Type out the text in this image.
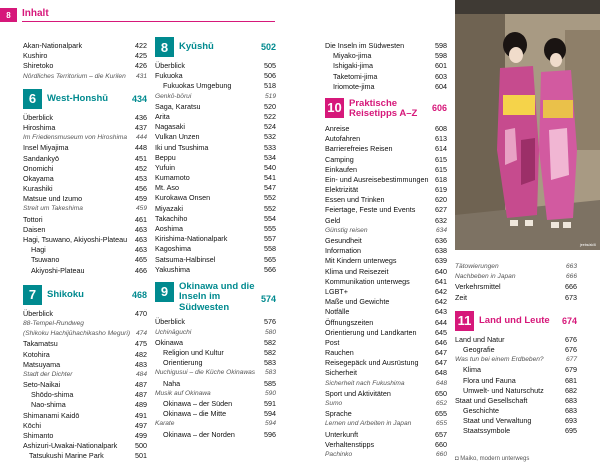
8	Inhalt
Akan-Nationalpark	422
Kushiro	425
Shiretoko	426
Nördliches Territorium – die Kurilen	431
6	West-Honshū	434
Überblick	436
Hiroshima	437
Im Friedensmuseum von Hiroshima	444
Insel Miyajima	448
Sandankyō	451
Onomichi	452
Okayama	453
Kurashiki	456
Matsue und Izumo	459
Streit um Takeshima	459
Tottori	461
Daisen	463
Hagi, Tsuwano, Akiyoshi-Plateau	463
Hagi	463
Tsuwano	465
Akiyoshi-Plateau	466
7	Shikoku	468
Überblick	470
88-Tempel-Rundweg
(Shikoku Hachijūhachikasho Meguri) 474
Takamatsu	475
Kotohira	482
Matsuyama	483
Stadt der Dichter	484
Seto-Naikai	487
Shōdo-shima	487
Nao-shima	489
Shimanami Kaidō	491
Kōchi	497
Shimanto	499
Ashizuri-Uwakai-Nationalpark	500
Tatsukushi Marine Park	501
8	Kyūshū	502
Überblick	505
Fukuoka	506
Fukuokas Umgebung	518
Genkō-bōrui	519
Saga, Karatsu	520
Arita	522
Nagasaki	524
Vulkan Unzen	532
Iki und Tsushima	533
Beppu	534
Yufuin	540
Kumamoto	541
Mt. Aso	547
Kurokawa Onsen	552
Miyazaki	552
Takachiho	554
Aoshima	555
Kirishima-Nationalpark	557
Kagoshima	558
Satsuma-Halbinsel	565
Yakushima	566
9	Okinawa und die Inseln im Südwesten
574
Überblick	576
Uchināguchi	580
Okinawa	582
Religion und Kultur	582
Orientierung	583
Nuchigusui – die Küche Okinawas	583
Naha	585
Musik auf Okinawa	590
Okinawa – der Süden	591
Okinawa – die Mitte	594
Karate	594
Okinawa – der Norden	596
Die Inseln im Südwesten	598
Miyako-jima	598
Ishigaki-jima	601
Taketomi-jima	603
Iriomote-jima	604
10 Praktische Reisetipps A–Z
606
Anreise	608
Autofahren	613
Barrierefreies Reisen	614
Camping	615
Einkaufen	615
Ein- und Ausreisebestimmungen 618
Elektrizität	619
Essen und Trinken	620
Feiertage, Feste und Events	627
Geld	632
Günstig reisen	634
Gesundheit	636
Information	638
Mit Kindern unterwegs	639
Klima und Reisezeit	640
Kommunikation unterwegs	641
LGBT+	642
Maße und Gewichte	642
Notfälle	643
Öffnungszeiten	644
Orientierung und Landkarten	645
Post	646
Rauchen	647
Reisegepäck und Ausrüstung	647
Sicherheit	648
Sicherheit nach Fukushima	648
Sport und Aktivitäten	650
Sumo	652
Sprache	655
Lernen und Arbeiten in Japan	655
Unterkunft	657
Verhaltenstipps	660
Pachinko	660
jeebs/ak/6
Tätowierungen	663
Nachbeben in Japan	666
Verkehrsmittel	666
Zeit	673
11 Land und Leute	674
Land und Natur	676
Geografie	676
Was tun bei einem Erdbeben?	677
Klima	679
Flora und Fauna	681
Umwelt- und Naturschutz	682
Staat und Gesellschaft	683
Geschichte	683
Staat und Verwaltung	693
Staatssymbole	695
◘ Maiko, modern unterwegs
